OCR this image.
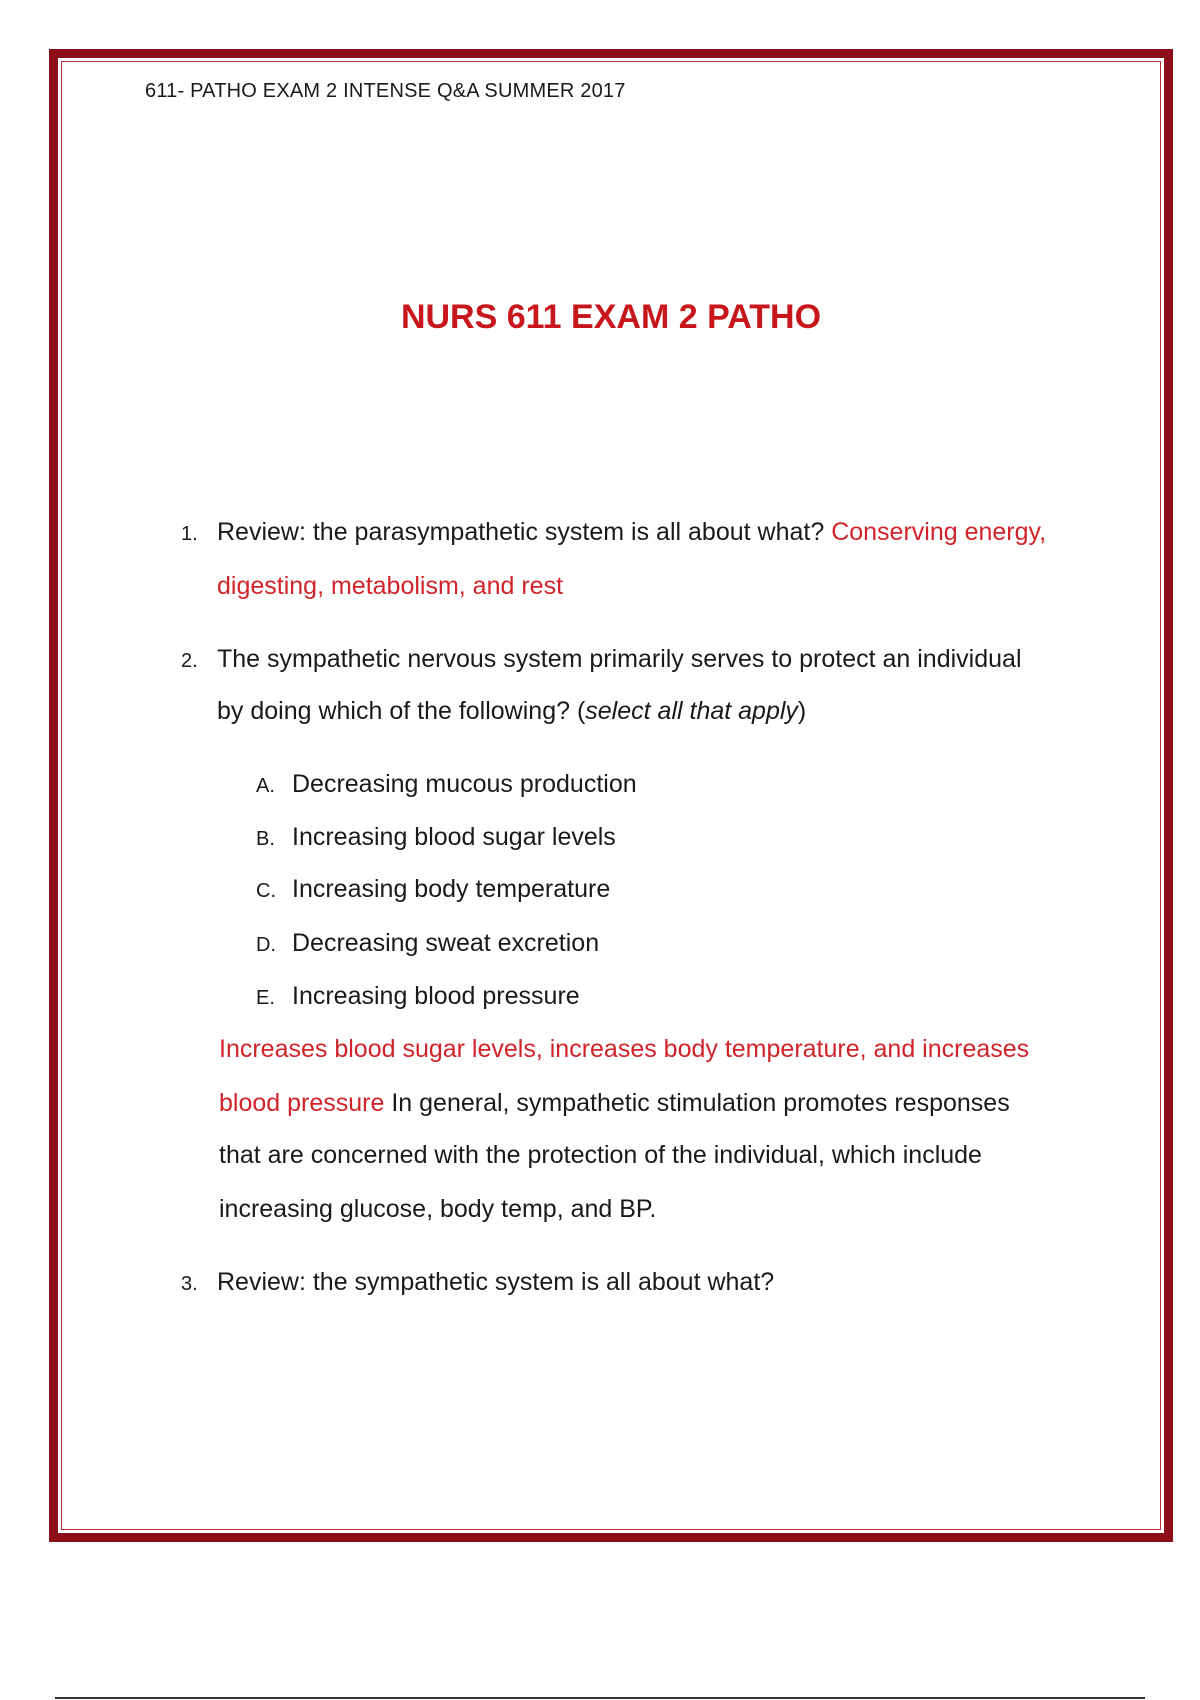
611- PATHO EXAM 2 INTENSE Q&A SUMMER 2017
NURS 611 EXAM 2 PATHO
1. Review: the parasympathetic system is all about what? Conserving energy,
digesting, metabolism, and rest
2. The sympathetic nervous system primarily serves to protect an individual
by doing which of the following? (select all that apply)
A. Decreasing mucous production
B. Increasing blood sugar levels
C. Increasing body temperature
D. Decreasing sweat excretion
E. Increasing blood pressure
Increases blood sugar levels, increases body temperature, and increases
blood pressure In general, sympathetic stimulation promotes responses
that are concerned with the protection of the individual, which include
increasing glucose, body temp, and BP.
3. Review: the sympathetic system is all about what?
